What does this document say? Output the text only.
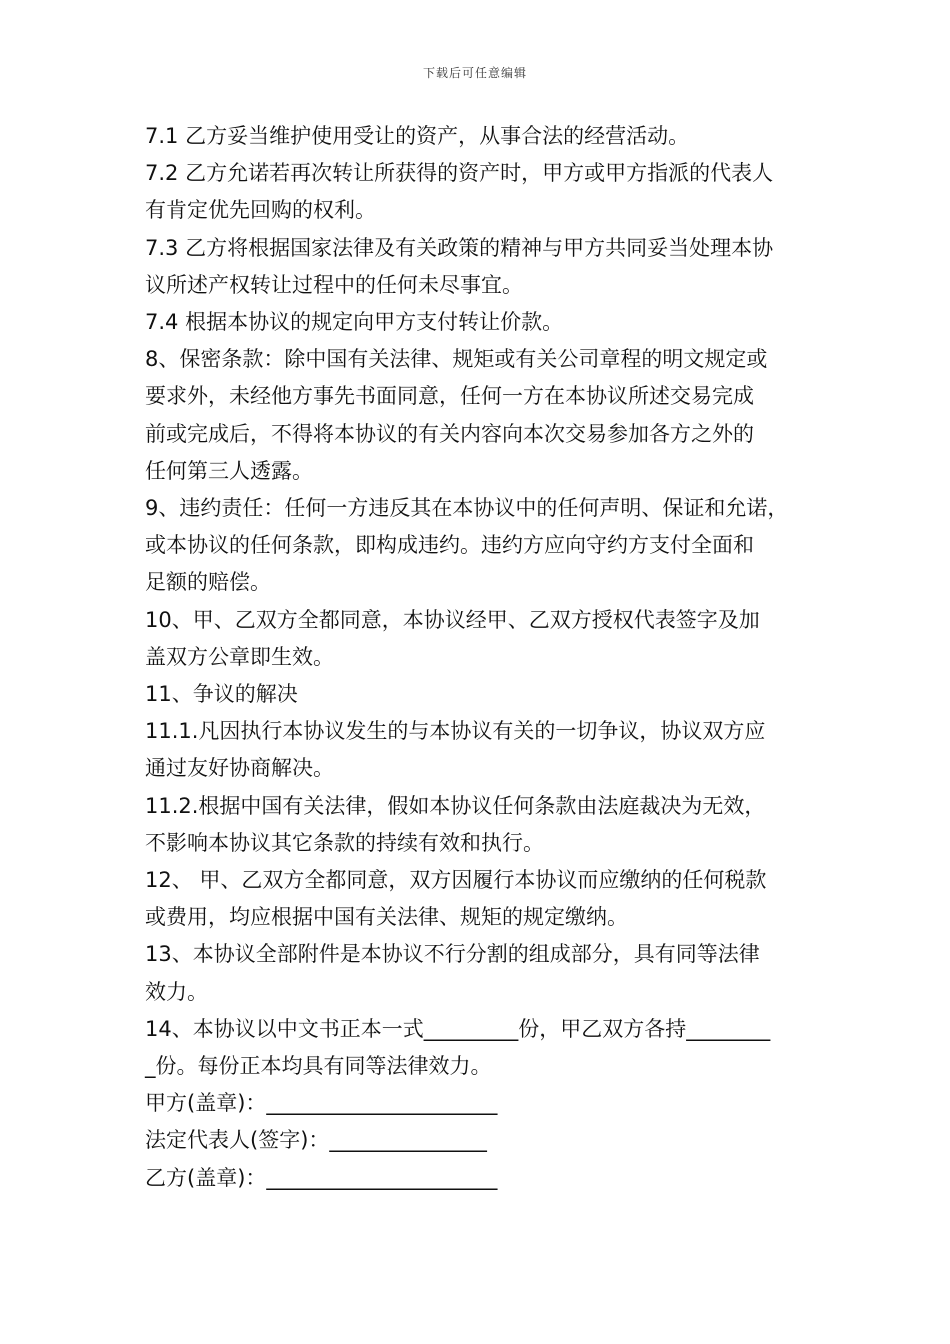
下载后可任意编辑

7.1 乙方妥当维护使用受让的资产，从事合法的经营活动。

7.2 乙方允诺若再次转让所获得的资产时，甲方或甲方指派的代表人

有肯定优先回购的权利。

7.3 乙方将根据国家法律及有关政策的精神与甲方共同妥当处理本协

议所述产权转让过程中的任何未尽事宜。

7.4 根据本协议的规定向甲方支付转让价款。

8、保密条款：除中国有关法律、规矩或有关公司章程的明文规定或

要求外，未经他方事先书面同意，任何一方在本协议所述交易完成

前或完成后，不得将本协议的有关内容向本次交易参加各方之外的

任何第三人透露。

9、违约责任：任何一方违反其在本协议中的任何声明、保证和允诺，

或本协议的任何条款，即构成违约。违约方应向守约方支付全面和

足额的赔偿。

10、甲、乙双方全都同意，本协议经甲、乙双方授权代表签字及加

盖双方公章即生效。

11、争议的解决

11.1.凡因执行本协议发生的与本协议有关的一切争议，协议双方应

通过友好协商解决。

11.2.根据中国有关法律，假如本协议任何条款由法庭裁决为无效，

不影响本协议其它条款的持续有效和执行。

12、 甲、乙双方全都同意，双方因履行本协议而应缴纳的任何税款

或费用，均应根据中国有关法律、规矩的规定缴纳。

13、本协议全部附件是本协议不行分割的组成部分，具有同等法律

效力。

14、本协议以中文书正本一式_________份，甲乙双方各持________

_份。每份正本均具有同等法律效力。

甲方(盖章)：______________________

法定代表人(签字)：_______________

乙方(盖章)：______________________
